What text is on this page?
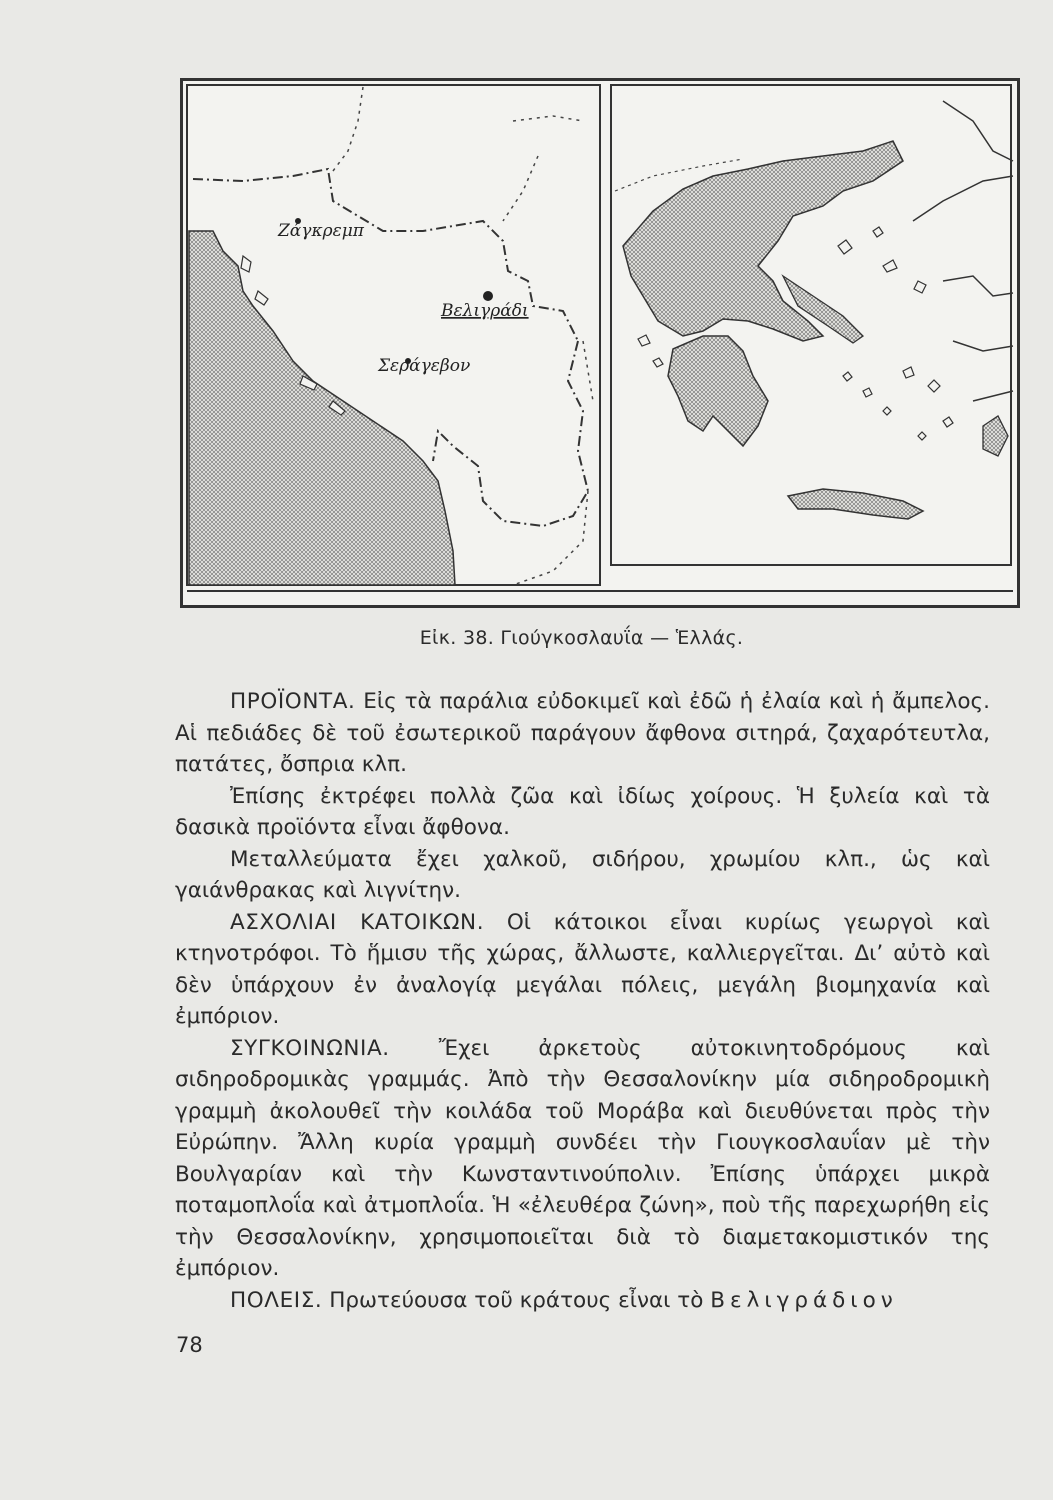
Ζάγκρεμπ
Βελιγράδι
Σεράγεβον
Εἰκ. 38. Γιούγκοσλαυΐα — Ἑλλάς.

ΠΡΟΪΟΝΤΑ. Εἰς τὰ παράλια εὐδοκιμεῖ καὶ ἐδῶ ἡ ἐλαία καὶ ἡ ἄμπελος. Αἱ πεδιάδες δὲ τοῦ ἐσωτερικοῦ παράγουν ἄφθονα σιτηρά, ζαχαρότευτλα, πατάτες, ὄσπρια κλπ.

Ἐπίσης ἐκτρέφει πολλὰ ζῶα καὶ ἰδίως χοίρους. Ἡ ξυλεία καὶ τὰ δασικὰ προϊόντα εἶναι ἄφθονα.

Μεταλλεύματα ἔχει χαλκοῦ, σιδήρου, χρωμίου κλπ., ὡς καὶ γαιάνθρακας καὶ λιγνίτην.

ΑΣΧΟΛΙΑΙ ΚΑΤΟΙΚΩΝ. Οἱ κάτοικοι εἶναι κυρίως γεωργοὶ καὶ κτηνοτρόφοι. Τὸ ἥμισυ τῆς χώρας, ἄλλωστε, καλλιεργεῖται. Δι’ αὐτὸ καὶ δὲν ὑπάρχουν ἐν ἀναλογίᾳ μεγάλαι πόλεις, μεγάλη βιομηχανία καὶ ἐμπόριον.

ΣΥΓΚΟΙΝΩΝΙΑ. Ἔχει ἀρκετοὺς αὐτοκινητοδρόμους καὶ σιδηροδρομικὰς γραμμάς. Ἀπὸ τὴν Θεσσαλονίκην μία σιδηροδρομικὴ γραμμὴ ἀκολουθεῖ τὴν κοιλάδα τοῦ Μοράβα καὶ διευθύνεται πρὸς τὴν Εὐρώπην. Ἄλλη κυρία γραμμὴ συνδέει τὴν Γιουγκοσλαυΐαν μὲ τὴν Βουλγαρίαν καὶ τὴν Κωνσταντινούπολιν. Ἐπίσης ὑπάρχει μικρὰ ποταμοπλοΐα καὶ ἀτμοπλοΐα. Ἡ «ἐλευθέρα ζώνη», ποὺ τῆς παρεχωρήθη εἰς τὴν Θεσσαλονίκην, χρησιμοποιεῖται διὰ τὸ διαμετακομιστικόν της ἐμπόριον.

ΠΟΛΕΙΣ. Πρωτεύουσα τοῦ κράτους εἶναι τὸ Βελιγράδιον

78
